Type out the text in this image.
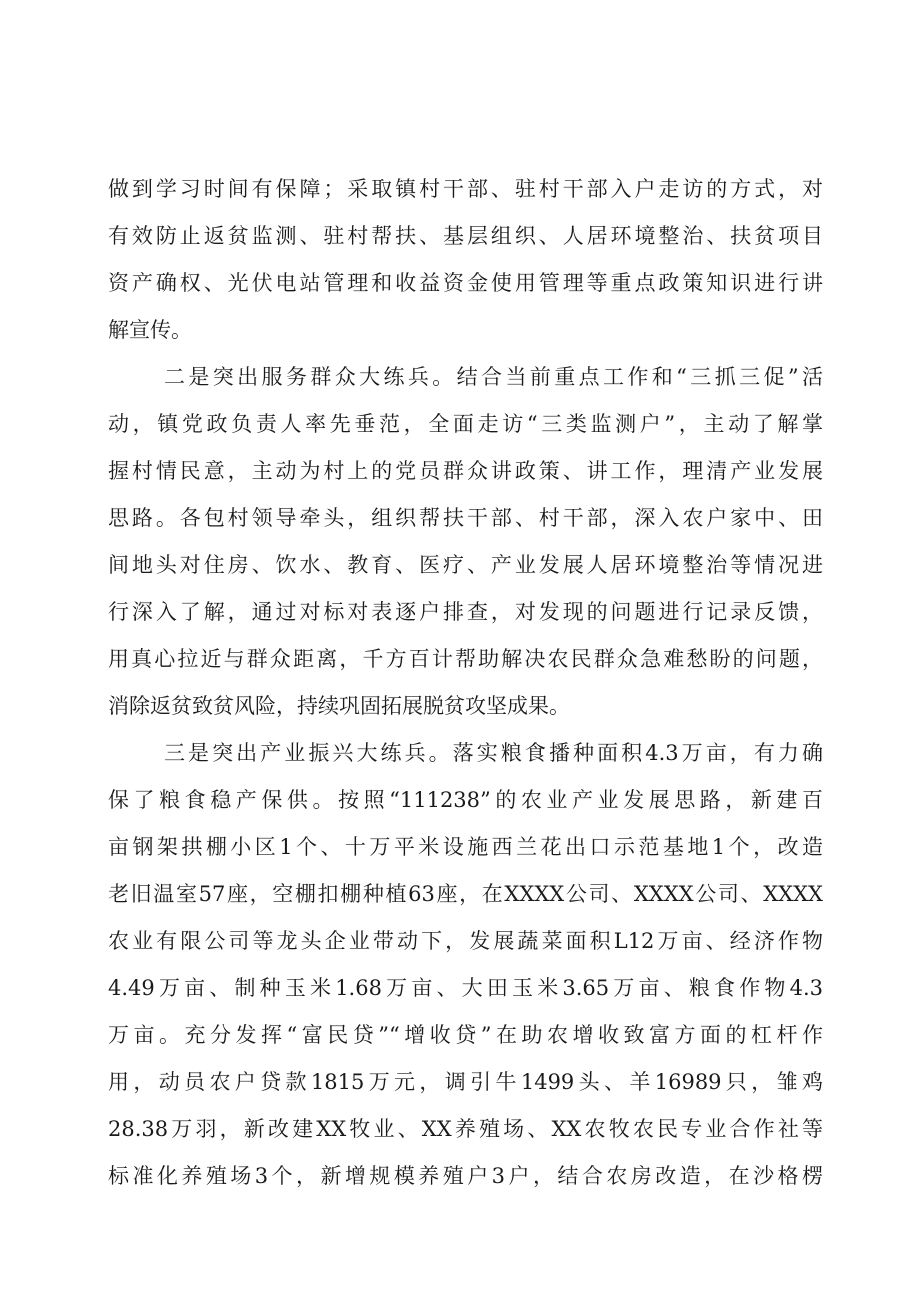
做到学习时间有保障；采取镇村干部、驻村干部入户走访的方式，对
有效防止返贫监测、驻村帮扶、基层组织、人居环境整治、扶贫项目
资产确权、光伏电站管理和收益资金使用管理等重点政策知识进行讲
解宣传。
二是突出服务群众大练兵。结合当前重点工作和“三抓三促”活
动，镇党政负责人率先垂范，全面走访“三类监测户”，主动了解掌
握村情民意，主动为村上的党员群众讲政策、讲工作，理清产业发展
思路。各包村领导牵头，组织帮扶干部、村干部，深入农户家中、田
间地头对住房、饮水、教育、医疗、产业发展人居环境整治等情况进
行深入了解，通过对标对表逐户排查，对发现的问题进行记录反馈，
用真心拉近与群众距离，千方百计帮助解决农民群众急难愁盼的问题，
消除返贫致贫风险，持续巩固拓展脱贫攻坚成果。
三是突出产业振兴大练兵。落实粮食播种面积4.3万亩，有力确
保了粮食稳产保供。按照“111238”的农业产业发展思路，新建百
亩钢架拱棚小区1个、十万平米设施西兰花出口示范基地1个，改造
老旧温室57座，空棚扣棚种植63座，在XXXX公司、XXXX公司、XXXX
农业有限公司等龙头企业带动下，发展蔬菜面积L12万亩、经济作物
4.49万亩、制种玉米1.68万亩、大田玉米3.65万亩、粮食作物4.3
万亩。充分发挥“富民贷”“增收贷”在助农增收致富方面的杠杆作
用，动员农户贷款1815万元，调引牛1499头、羊16989只，雏鸡
28.38万羽，新改建XX牧业、XX养殖场、XX农牧农民专业合作社等
标准化养殖场3个，新增规模养殖户3户，结合农房改造，在沙格楞
